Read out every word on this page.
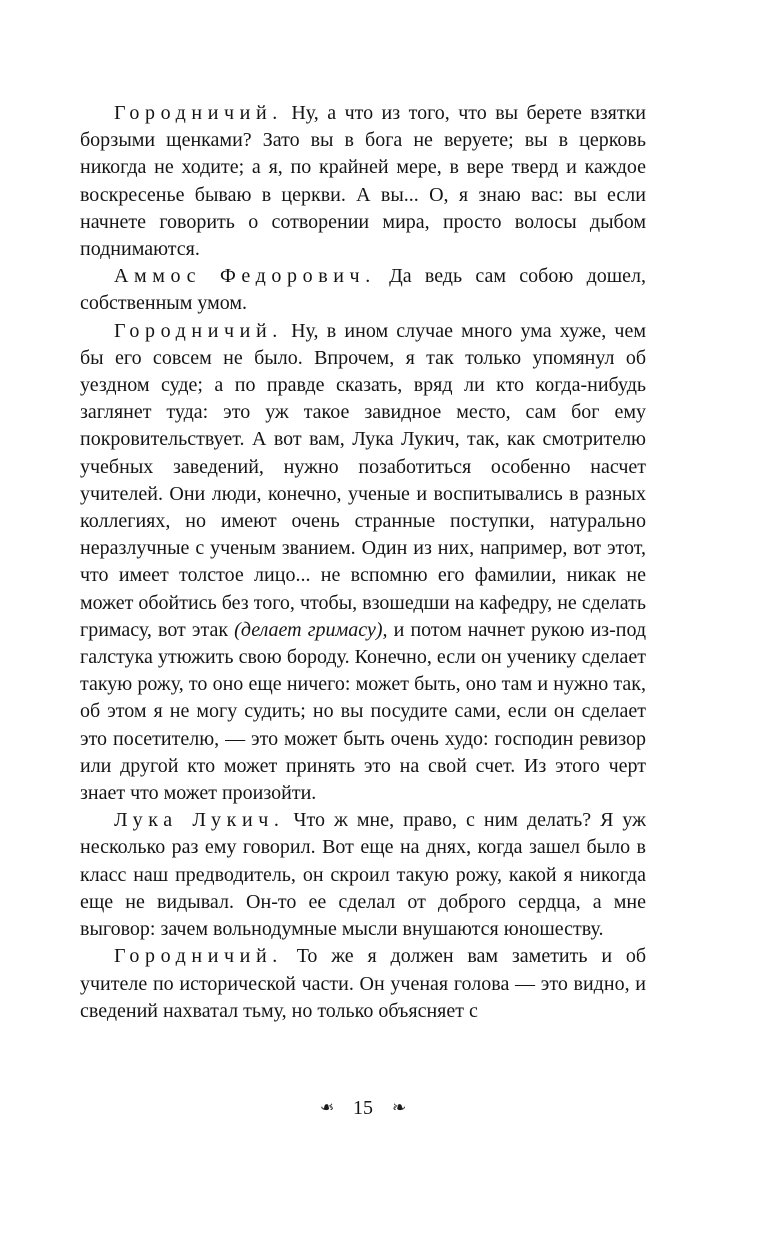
Городничий. Ну, а что из того, что вы берете взятки борзыми щенками? Зато вы в бога не веруете; вы в церковь никогда не ходите; а я, по крайней мере, в вере тверд и каждое воскресенье бываю в церкви. А вы... О, я знаю вас: вы если начнете говорить о сотворении мира, просто волосы дыбом поднимаются.

Аммос Федорович. Да ведь сам собою дошел, собственным умом.

Городничий. Ну, в ином случае много ума хуже, чем бы его совсем не было. Впрочем, я так только упомянул об уездном суде; а по правде сказать, вряд ли кто когда-нибудь заглянет туда: это уж такое завидное место, сам бог ему покровительствует. А вот вам, Лука Лукич, так, как смотрителю учебных заведений, нужно позаботиться особенно насчет учителей. Они люди, конечно, ученые и воспитывались в разных коллегиях, но имеют очень странные поступки, натурально неразлучные с ученым званием. Один из них, например, вот этот, что имеет толстое лицо... не вспомню его фамилии, никак не может обойтись без того, чтобы, взошедши на кафедру, не сделать гримасу, вот этак (делает гримасу), и потом начнет рукою из-под галстука утюжить свою бороду. Конечно, если он ученику сделает такую рожу, то оно еще ничего: может быть, оно там и нужно так, об этом я не могу судить; но вы посудите сами, если он сделает это посетителю, — это может быть очень худо: господин ревизор или другой кто может принять это на свой счет. Из этого черт знает что может произойти.

Лука Лукич. Что ж мне, право, с ним делать? Я уж несколько раз ему говорил. Вот еще на днях, когда зашел было в класс наш предводитель, он скроил такую рожу, какой я никогда еще не видывал. Он-то ее сделал от доброго сердца, а мне выговор: зачем вольнодумные мысли внушаются юношеству.

Городничий. То же я должен вам заметить и об учителе по исторической части. Он ученая голова — это видно, и сведений нахватал тьму, но только объясняет с

❧ 15 ❧
